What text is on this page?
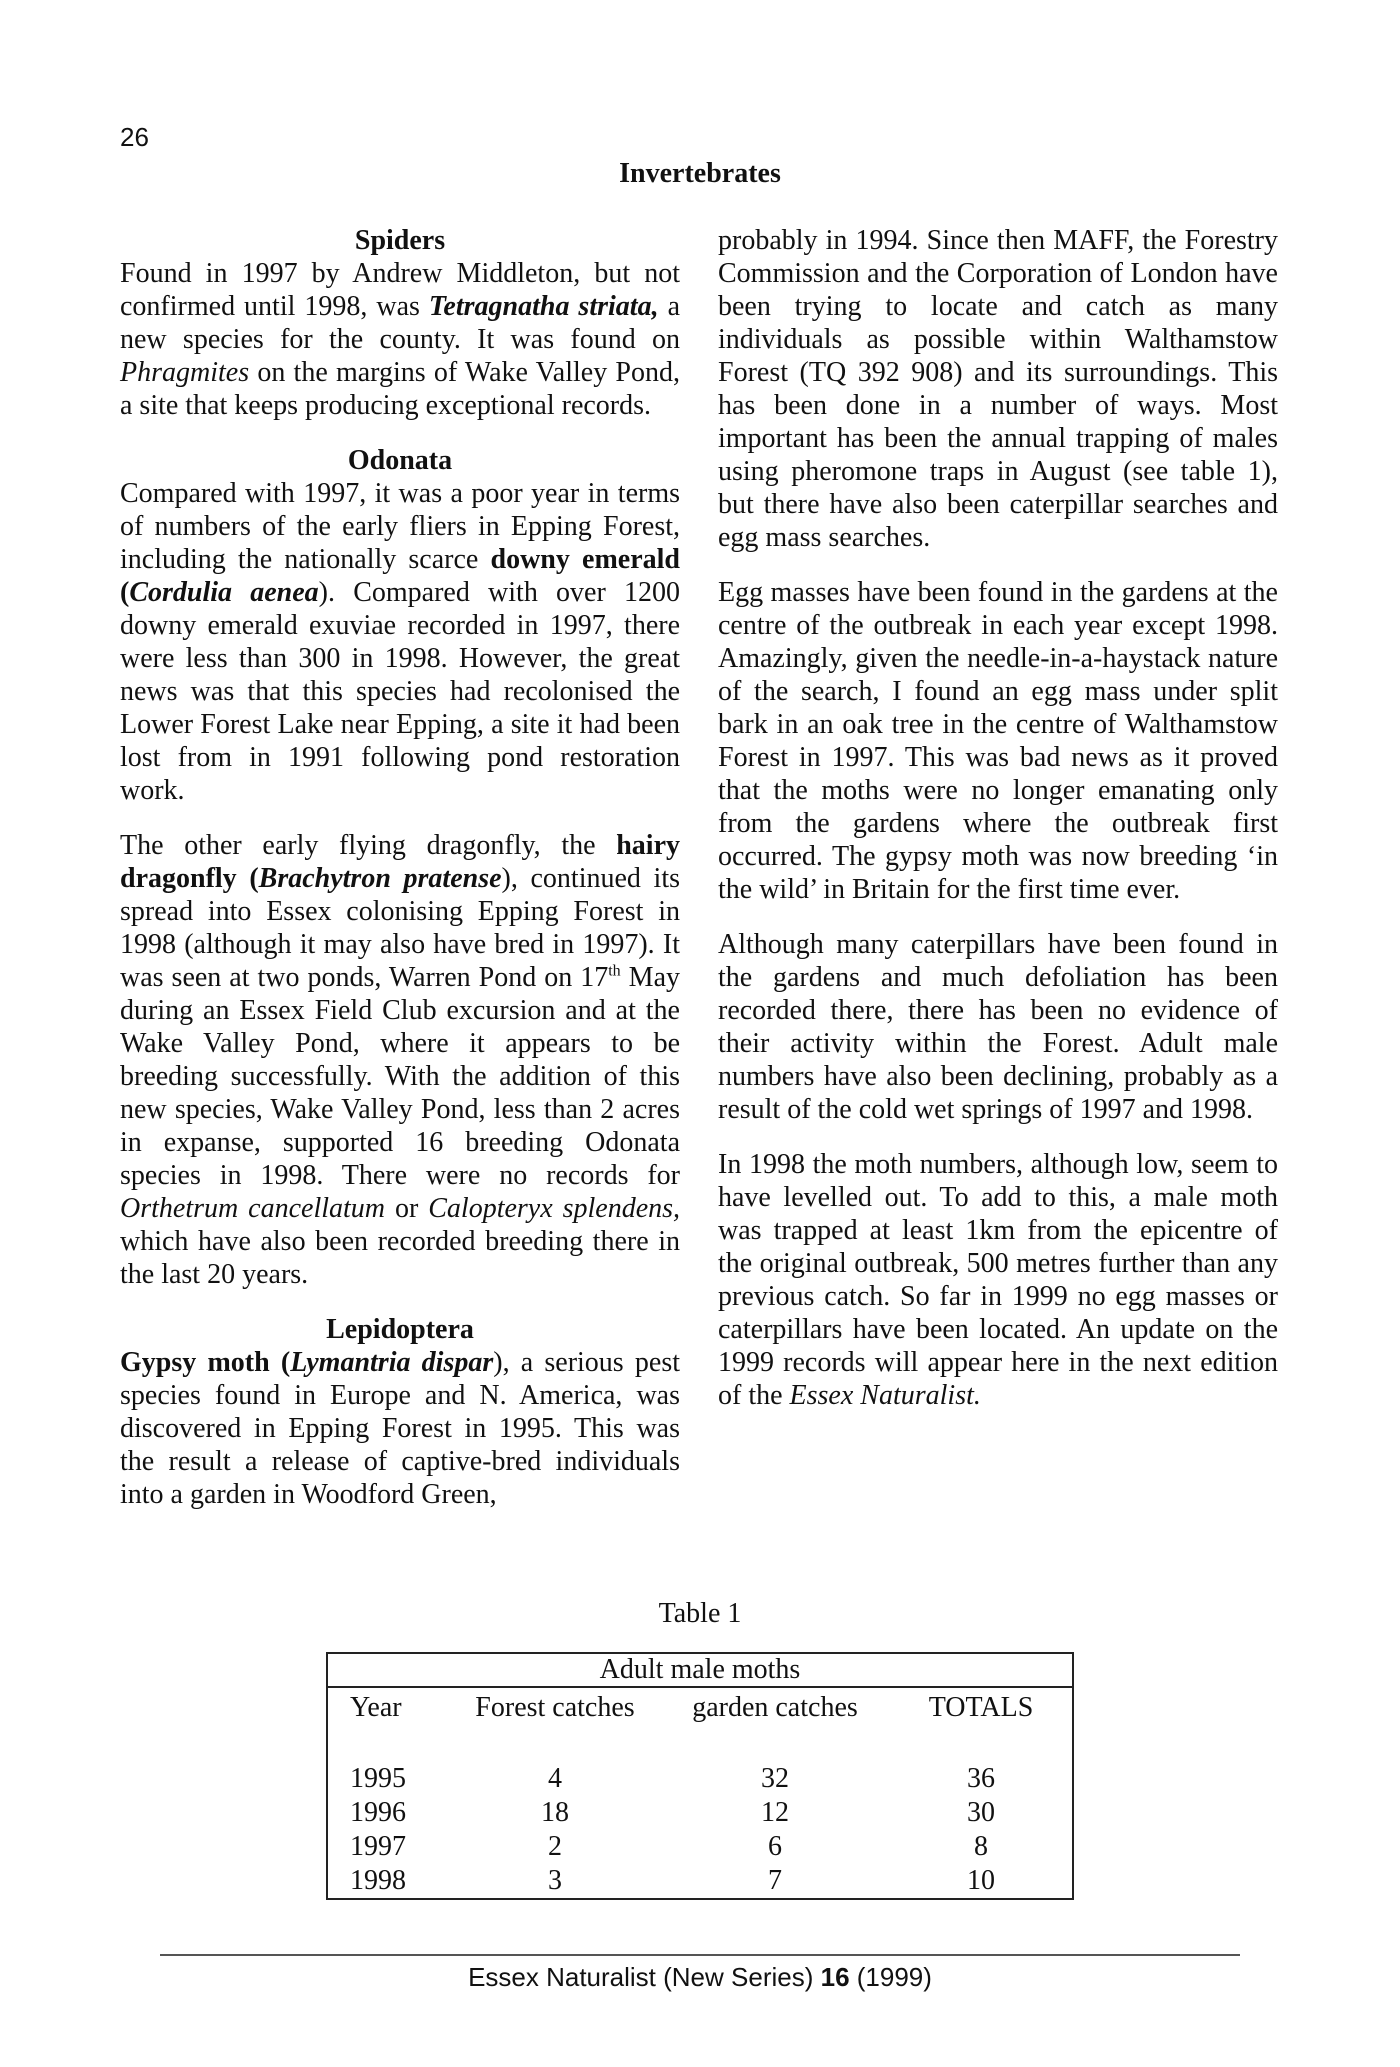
26
Invertebrates
Spiders

Found in 1997 by Andrew Middleton, but not confirmed until 1998, was Tetragnatha striata, a new species for the county. It was found on Phragmites on the margins of Wake Valley Pond, a site that keeps producing exceptional records.

Odonata

Compared with 1997, it was a poor year in terms of numbers of the early fliers in Epping Forest, including the nationally scarce downy emerald (Cordulia aenea). Compared with over 1200 downy emerald exuviae recorded in 1997, there were less than 300 in 1998. However, the great news was that this species had recolonised the Lower Forest Lake near Epping, a site it had been lost from in 1991 following pond restoration work.

The other early flying dragonfly, the hairy dragonfly (Brachytron pratense), continued its spread into Essex colonising Epping Forest in 1998 (although it may also have bred in 1997). It was seen at two ponds, Warren Pond on 17th May during an Essex Field Club excursion and at the Wake Valley Pond, where it appears to be breeding successfully. With the addition of this new species, Wake Valley Pond, less than 2 acres in expanse, supported 16 breeding Odonata species in 1998. There were no records for Orthetrum cancellatum or Calopteryx splendens, which have also been recorded breeding there in the last 20 years.

Lepidoptera

Gypsy moth (Lymantria dispar), a serious pest species found in Europe and N. America, was discovered in Epping Forest in 1995. This was the result a release of captive-bred individuals into a garden in Woodford Green,

probably in 1994. Since then MAFF, the Forestry Commission and the Corporation of London have been trying to locate and catch as many individuals as possible within Walthamstow Forest (TQ 392 908) and its surroundings. This has been done in a number of ways. Most important has been the annual trapping of males using pheromone traps in August (see table 1), but there have also been caterpillar searches and egg mass searches.

Egg masses have been found in the gardens at the centre of the outbreak in each year except 1998. Amazingly, given the needle-in-a-haystack nature of the search, I found an egg mass under split bark in an oak tree in the centre of Walthamstow Forest in 1997. This was bad news as it proved that the moths were no longer emanating only from the gardens where the outbreak first occurred. The gypsy moth was now breeding ‘in the wild’ in Britain for the first time ever.

Although many caterpillars have been found in the gardens and much defoliation has been recorded there, there has been no evidence of their activity within the Forest. Adult male numbers have also been declining, probably as a result of the cold wet springs of 1997 and 1998.

In 1998 the moth numbers, although low, seem to have levelled out. To add to this, a male moth was trapped at least 1km from the epicentre of the original outbreak, 500 metres further than any previous catch. So far in 1999 no egg masses or caterpillars have been located. An update on the 1999 records will appear here in the next edition of the Essex Naturalist.

Table 1
Adult male moths
Year	Forest catches	garden catches	TOTALS

1995	4	32	36
1996	18	12	30
1997	2	6	8
1998	3	7	10
Essex Naturalist (New Series) 16 (1999)
